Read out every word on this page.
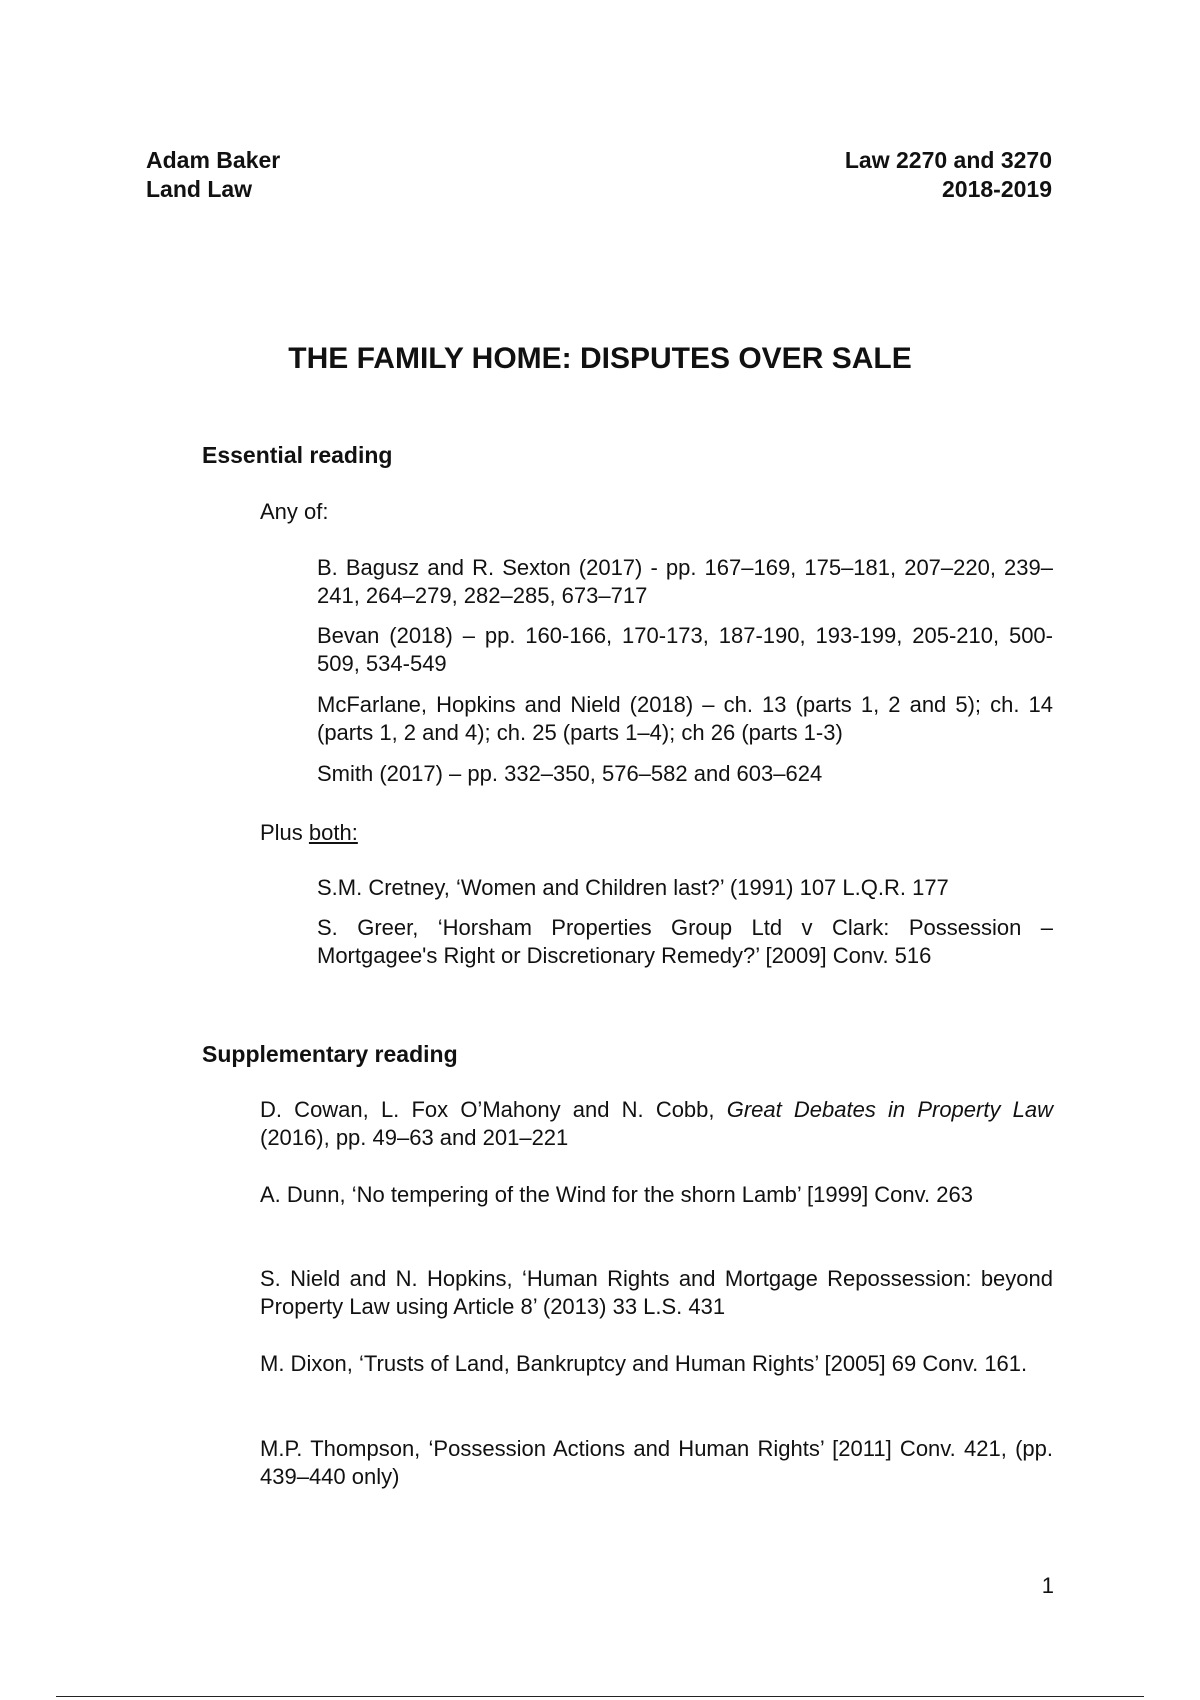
Adam Baker
Land Law
Law 2270 and 3270
2018-2019
THE FAMILY HOME: DISPUTES OVER SALE
Essential reading
Any of:
B. Bagusz and R. Sexton (2017) - pp. 167–169, 175–181, 207–220, 239–241, 264–279, 282–285, 673–717
Bevan (2018) – pp. 160-166, 170-173, 187-190, 193-199, 205-210, 500-509, 534-549
McFarlane, Hopkins and Nield (2018) – ch. 13 (parts 1, 2 and 5); ch. 14 (parts 1, 2 and 4); ch. 25 (parts 1–4); ch 26 (parts 1-3)
Smith (2017) – pp. 332–350, 576–582 and 603–624
Plus both:
S.M. Cretney, ‘Women and Children last?’ (1991) 107 L.Q.R. 177
S. Greer, ‘Horsham Properties Group Ltd v Clark: Possession – Mortgagee's Right or Discretionary Remedy?’ [2009] Conv. 516
Supplementary reading
D. Cowan, L. Fox O’Mahony and N. Cobb, Great Debates in Property Law (2016), pp. 49–63 and 201–221
A. Dunn, ‘No tempering of the Wind for the shorn Lamb’ [1999] Conv. 263
S. Nield and N. Hopkins, ‘Human Rights and Mortgage Repossession: beyond Property Law using Article 8’ (2013) 33 L.S. 431
M. Dixon, ‘Trusts of Land, Bankruptcy and Human Rights’ [2005] 69 Conv. 161.
M.P. Thompson, ‘Possession Actions and Human Rights’ [2011] Conv. 421, (pp. 439–440 only)
1
